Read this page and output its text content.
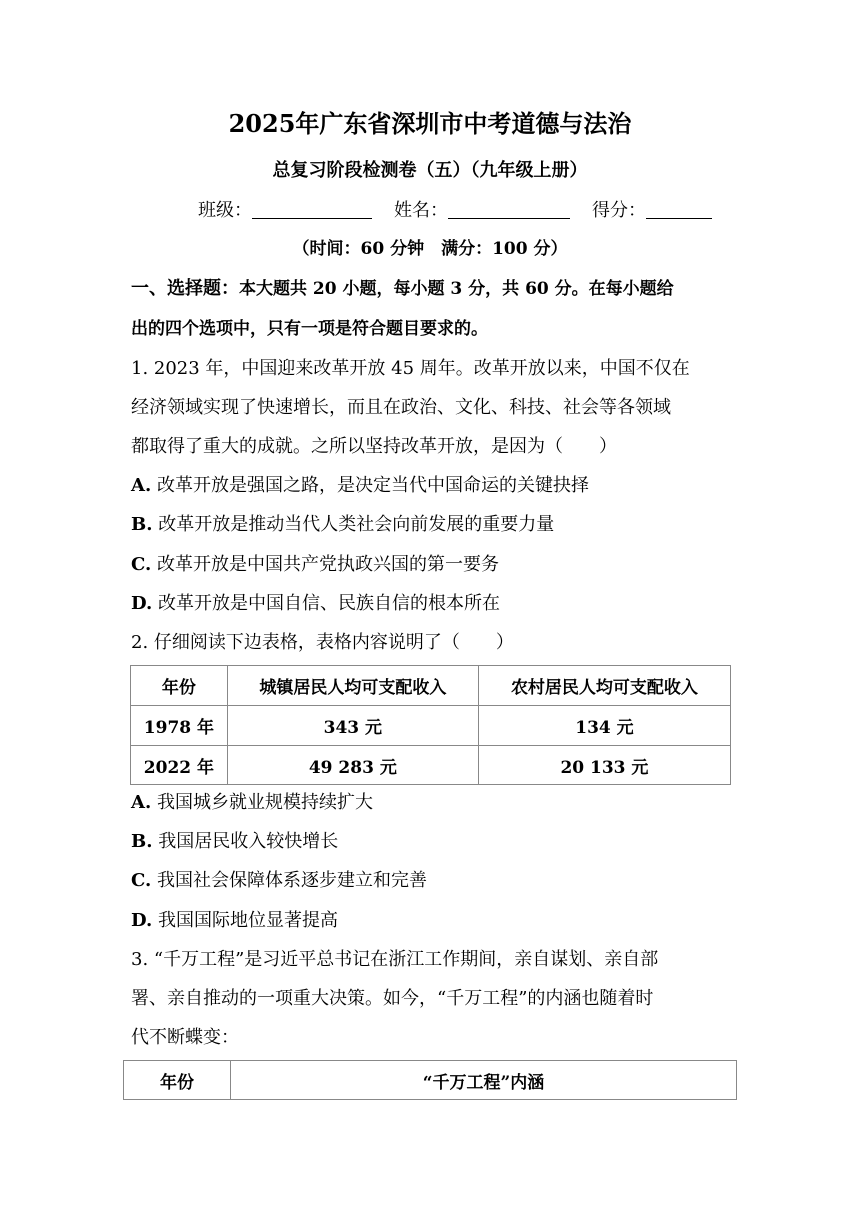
2025年广东省深圳市中考道德与法治
总复习阶段检测卷（五）（九年级上册）
班级：	姓名：	得分：
（时间：60 分钟　满分：100 分）
一、选择题：本大题共 20 小题，每小题 3 分，共 60 分。在每小题给
出的四个选项中，只有一项是符合题目要求的。
1. 2023 年，中国迎来改革开放 45 周年。改革开放以来，中国不仅在
经济领域实现了快速增长，而且在政治、文化、科技、社会等各领域
都取得了重大的成就。之所以坚持改革开放，是因为（　　）
A. 改革开放是强国之路，是决定当代中国命运的关键抉择
B. 改革开放是推动当代人类社会向前发展的重要力量
C. 改革开放是中国共产党执政兴国的第一要务
D. 改革开放是中国自信、民族自信的根本所在
2. 仔细阅读下边表格，表格内容说明了（　　）
年份	城镇居民人均可支配收入	农村居民人均可支配收入
1978 年	343 元	134 元
2022 年	49 283 元	20 133 元
A. 我国城乡就业规模持续扩大
B. 我国居民收入较快增长
C. 我国社会保障体系逐步建立和完善
D. 我国国际地位显著提高
3. “千万工程”是习近平总书记在浙江工作期间，亲自谋划、亲自部
署、亲自推动的一项重大决策。如今，“千万工程”的内涵也随着时
代不断蝶变：
年份	“千万工程”内涵
